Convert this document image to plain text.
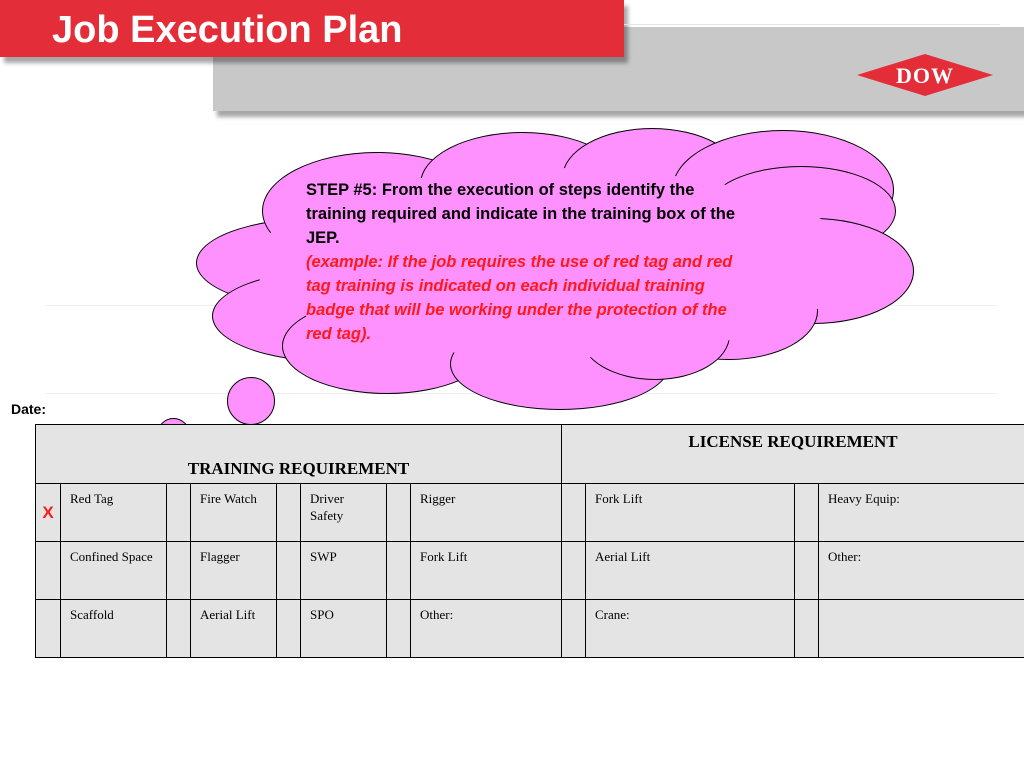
Job Execution Plan
DOW
STEP #5: From the execution of steps identify the training required and indicate in the training box of the JEP.
(example: If the job requires the use of red tag and red tag training is indicated on each individual training badge that will be working under the protection of the red tag).
Date:
TRAINING REQUIREMENT								LICENSE REQUIREMENT			
X	Red Tag		Fire Watch		Driver Safety		Rigger		Fork Lift		Heavy Equip:
	Confined Space		Flagger		SWP		Fork Lift		Aerial Lift		Other:
	Scaffold		Aerial Lift		SPO		Other:		Crane:		
